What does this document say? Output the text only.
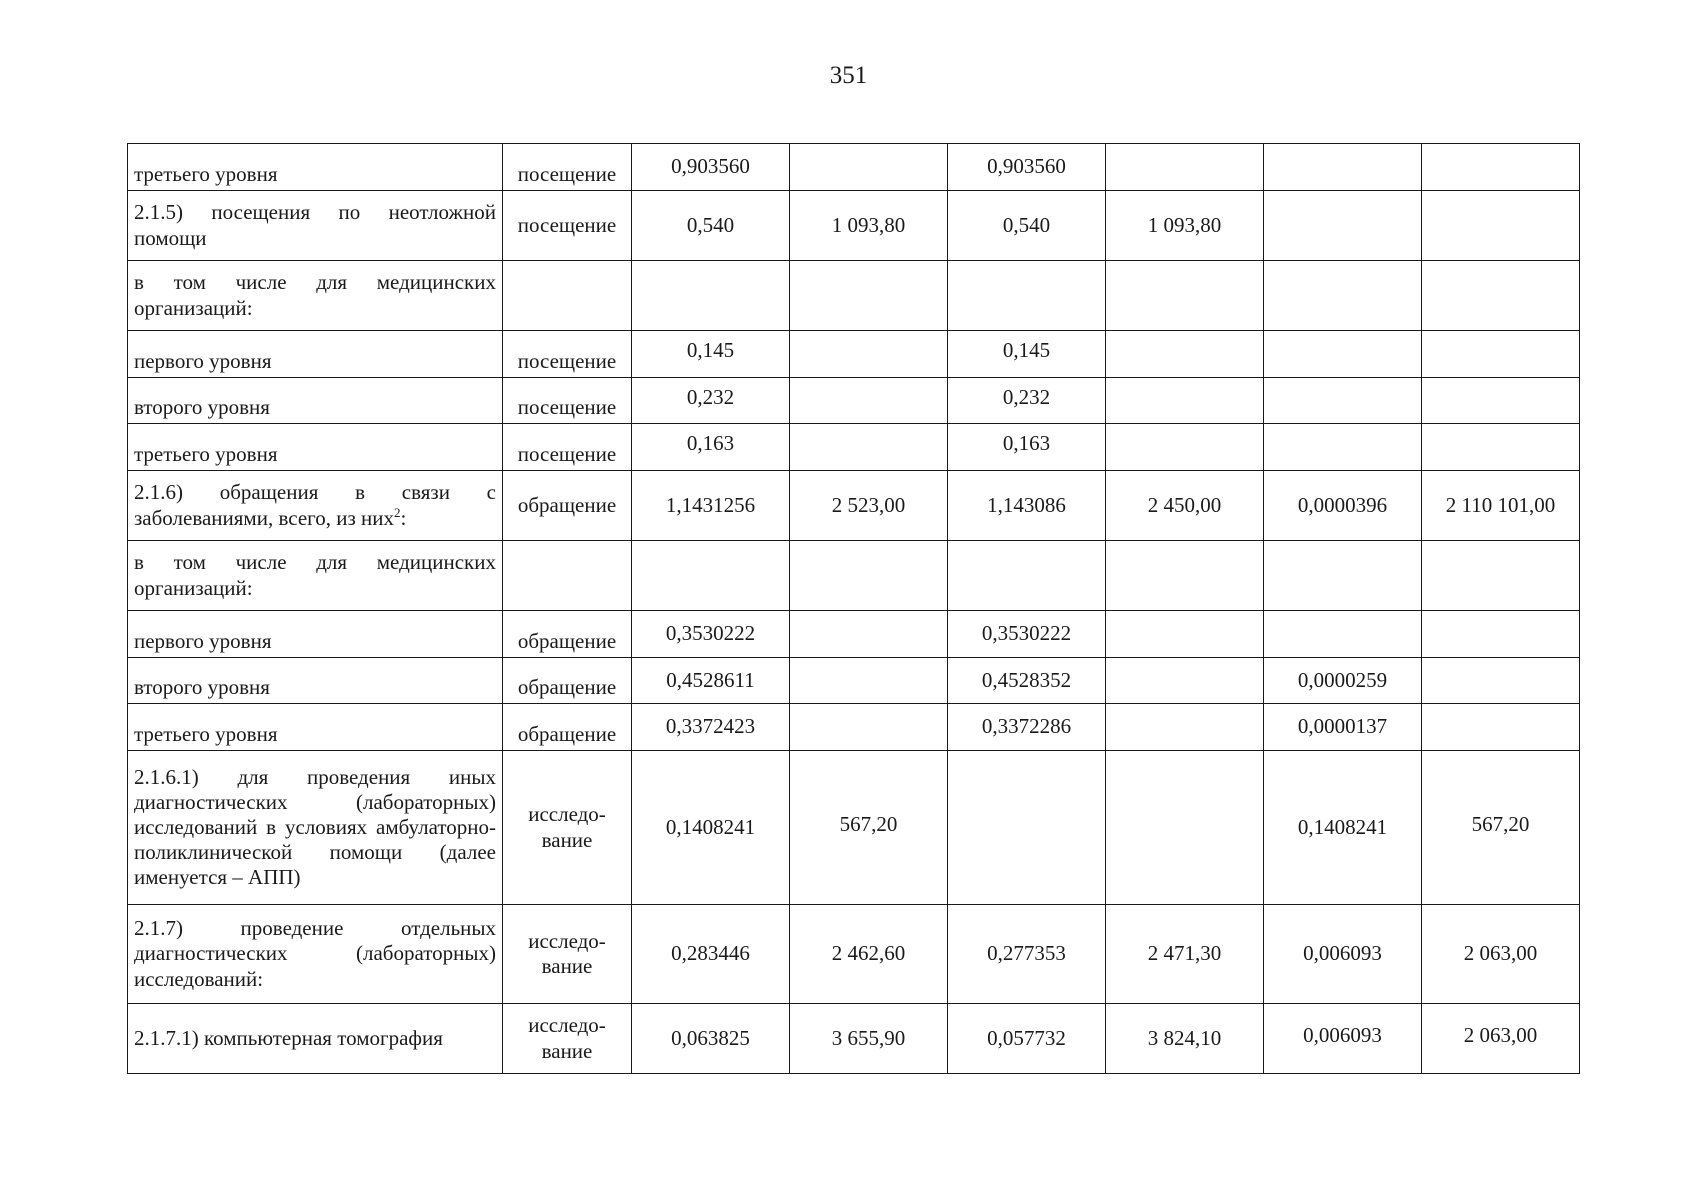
351
третьего уровня	посещение	0,903560		0,903560			
2.1.5) посещения по неотложной помощи	посещение	0,540	1 093,80	0,540	1 093,80		
в том числе для медицинских организаций:							
первого уровня	посещение	0,145		0,145			
второго уровня	посещение	0,232		0,232			
третьего уровня	посещение	0,163		0,163			
2.1.6) обращения в связи с заболеваниями, всего, из них$^2$:	обращение	1,1431256	2 523,00	1,143086	2 450,00	0,0000396	2 110 101,00
в том числе для медицинских организаций:							
первого уровня	обращение	0,3530222		0,3530222			
второго уровня	обращение	0,4528611		0,4528352		0,0000259	
третьего уровня	обращение	0,3372423		0,3372286		0,0000137	
2.1.6.1) для проведения иных диагностических (лабораторных) исследований в условиях амбулаторно-поликлинической помощи (далее именуется – АПП)	исследо-вание	0,1408241	567,20			0,1408241	567,20
2.1.7) проведение отдельных диагностических (лабораторных) исследований:	исследо-вание	0,283446	2 462,60	0,277353	2 471,30	0,006093	2 063,00
2.1.7.1) компьютерная томография	исследо-вание	0,063825	3 655,90	0,057732	3 824,10	0,006093	2 063,00
